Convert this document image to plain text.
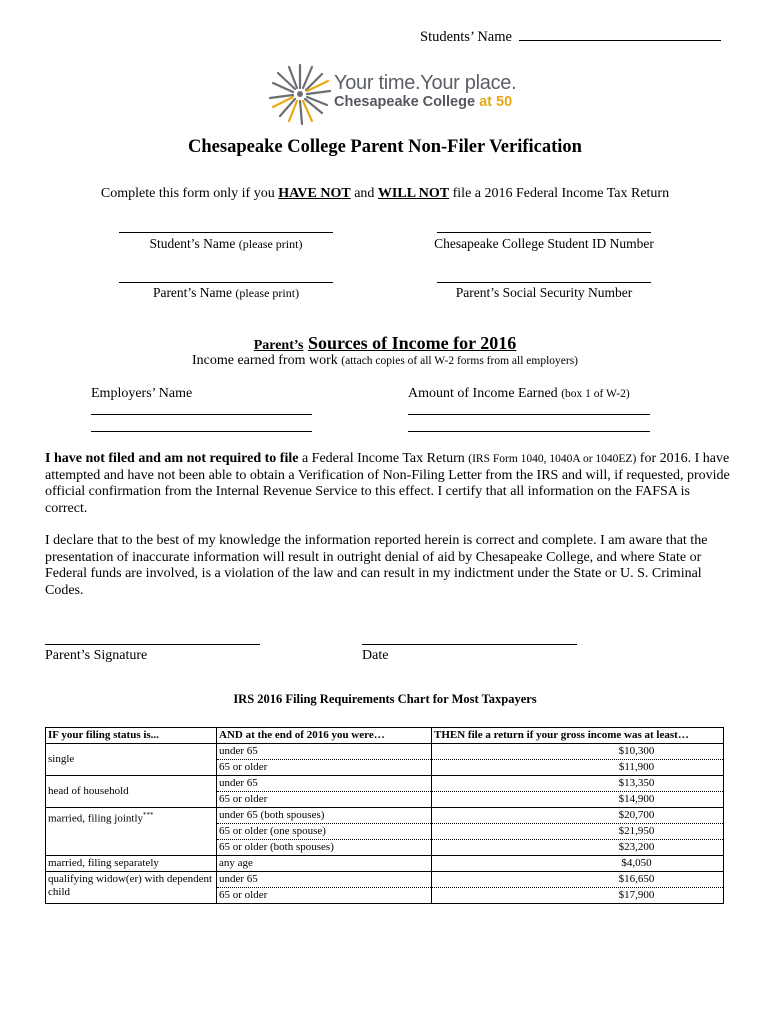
Students’ Name
Your time.Your place.
Chesapeake College at 50
Chesapeake College Parent Non-Filer Verification
Complete this form only if you HAVE NOT and WILL NOT file a 2016 Federal Income Tax Return
Student’s Name (please print)	Chesapeake College Student ID Number
Parent’s Name (please print)	Parent’s Social Security Number
Parent’s Sources of Income for 2016
Income earned from work (attach copies of all W-2 forms from all employers)
Employers’ Name	Amount of Income Earned (box 1 of W-2)
I have not filed and am not required to file a Federal Income Tax Return (IRS Form 1040, 1040A or 1040EZ) for 2016. I have attempted and have not been able to obtain a Verification of Non-Filing Letter from the IRS and will, if requested, provide official confirmation from the Internal Revenue Service to this effect. I certify that all information on the FAFSA is correct.
I declare that to the best of my knowledge the information reported herein is correct and complete. I am aware that the presentation of inaccurate information will result in outright denial of aid by Chesapeake College, and where State or Federal funds are involved, is a violation of the law and can result in my indictment under the State or U. S. Criminal Codes.
Parent’s Signature	Date
IRS 2016 Filing Requirements Chart for Most Taxpayers
IF your filing status is...	AND at the end of 2016 you were…	THEN file a return if your gross income was at least…
single	under 65	$10,300
	65 or older	$11,900
head of household	under 65	$13,350
	65 or older	$14,900
married, filing jointly***	under 65 (both spouses)	$20,700
	65 or older (one spouse)	$21,950
	65 or older (both spouses)	$23,200
married, filing separately	any age	$4,050
qualifying widow(er) with dependent child	under 65	$16,650
	65 or older	$17,900
